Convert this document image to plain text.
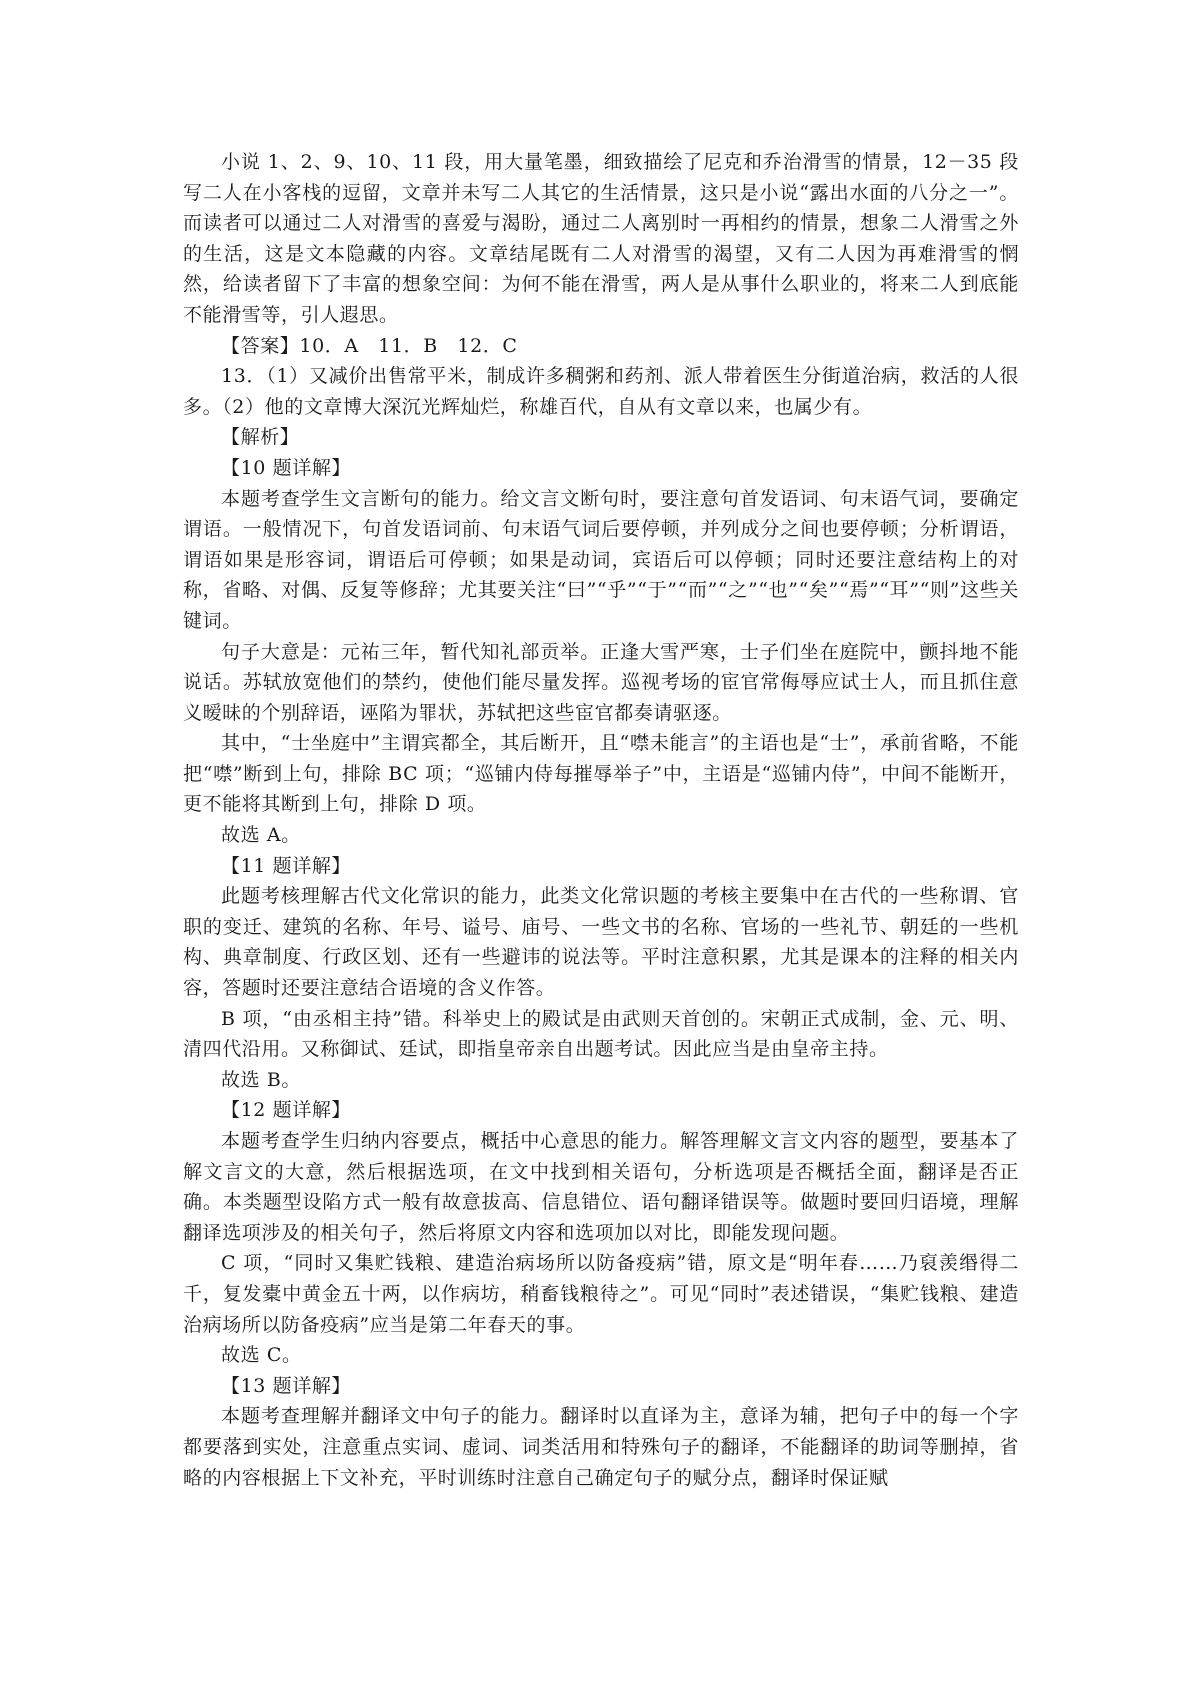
小说 1、2、9、10、11 段，用大量笔墨，细致描绘了尼克和乔治滑雪的情景，12－35 段写二人在小客栈的逗留，文章并未写二人其它的生活情景，这只是小说“露出水面的八分之一”。而读者可以通过二人对滑雪的喜爱与渴盼，通过二人离别时一再相约的情景，想象二人滑雪之外的生活，这是文本隐藏的内容。文章结尾既有二人对滑雪的渴望，又有二人因为再难滑雪的惘然，给读者留下了丰富的想象空间：为何不能在滑雪，两人是从事什么职业的，将来二人到底能不能滑雪等，引人遐思。

【答案】10．A　11．B　12．C

13．（1）又减价出售常平米，制成许多稠粥和药剂、派人带着医生分街道治病，救活的人很多。（2）他的文章博大深沉光辉灿烂，称雄百代，自从有文章以来，也属少有。

【解析】

【10 题详解】

本题考查学生文言断句的能力。给文言文断句时，要注意句首发语词、句末语气词，要确定谓语。一般情况下，句首发语词前、句末语气词后要停顿，并列成分之间也要停顿；分析谓语，谓语如果是形容词，谓语后可停顿；如果是动词，宾语后可以停顿；同时还要注意结构上的对称，省略、对偶、反复等修辞；尤其要关注“曰”“乎”“于”“而”“之”“也”“矣”“焉”“耳”“则”这些关键词。

句子大意是：元祐三年，暂代知礼部贡举。正逢大雪严寒，士子们坐在庭院中，颤抖地不能说话。苏轼放宽他们的禁约，使他们能尽量发挥。巡视考场的宦官常侮辱应试士人，而且抓住意义暧昧的个别辞语，诬陷为罪状，苏轼把这些宦官都奏请驱逐。

其中，“士坐庭中”主谓宾都全，其后断开，且“噤未能言”的主语也是“士”，承前省略，不能把“噤”断到上句，排除 BC 项；“巡铺内侍每摧辱举子”中，主语是“巡铺内侍”，中间不能断开，更不能将其断到上句，排除 D 项。

故选 A。

【11 题详解】

此题考核理解古代文化常识的能力，此类文化常识题的考核主要集中在古代的一些称谓、官职的变迁、建筑的名称、年号、谥号、庙号、一些文书的名称、官场的一些礼节、朝廷的一些机构、典章制度、行政区划、还有一些避讳的说法等。平时注意积累，尤其是课本的注释的相关内容，答题时还要注意结合语境的含义作答。

B 项，“由丞相主持”错。科举史上的殿试是由武则天首创的。宋朝正式成制，金、元、明、清四代沿用。又称御试、廷试，即指皇帝亲自出题考试。因此应当是由皇帝主持。

故选 B。

【12 题详解】

本题考查学生归纳内容要点，概括中心意思的能力。解答理解文言文内容的题型，要基本了解文言文的大意，然后根据选项，在文中找到相关语句，分析选项是否概括全面，翻译是否正确。本类题型设陷方式一般有故意拔高、信息错位、语句翻译错误等。做题时要回归语境，理解翻译选项涉及的相关句子，然后将原文内容和选项加以对比，即能发现问题。

C 项，“同时又集贮钱粮、建造治病场所以防备疫病”错，原文是“明年春……乃裒羡缗得二千，复发橐中黄金五十两，以作病坊，稍畜钱粮待之”。可见“同时”表述错误，“集贮钱粮、建造治病场所以防备疫病”应当是第二年春天的事。

故选 C。

【13 题详解】

本题考查理解并翻译文中句子的能力。翻译时以直译为主，意译为辅，把句子中的每一个字都要落到实处，注意重点实词、虚词、词类活用和特殊句子的翻译，不能翻译的助词等删掉，省略的内容根据上下文补充，平时训练时注意自己确定句子的赋分点，翻译时保证赋
